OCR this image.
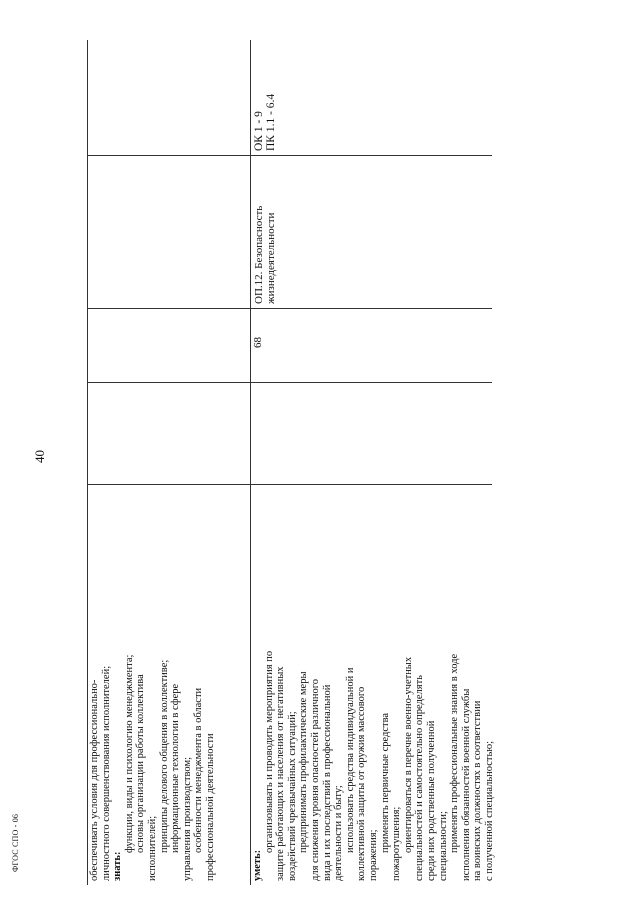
40
ФГОС СПО - 06	обеспечивать условия для профессионально- личностного совершенствования исполнителей; знать:
функции, виды и психологию менеджмента; основы организации работы коллектива исполнителей; принципы делового общения в коллективе; информационные технологии в сфере управления производством; особенности менеджмента в области профессиональной деятельности	уметь:
организовывать и проводить мероприятия по защите работающих и населения от негативных воздействий чрезвычайных ситуаций; предпринимать профилактические меры для снижения уровня опасностей различного вида и их последствий в профессиональной деятельности и быту; использовать средства индивидуальной и коллективной защиты от оружия массового поражения;
применять первичные средства пожаротушения; ориентироваться в перечне военно-учетных специальностей и самостоятельно определять среди них родственные полученной специальности; применять профессиональные знания в ходе исполнения обязанностей военной службы на воинских должностях в соответствии с полученной специальностью;
68
ОП.12. Безопасность жизнедеятельности
ОК 1 - 9 ПК 1.1 - 6.4
